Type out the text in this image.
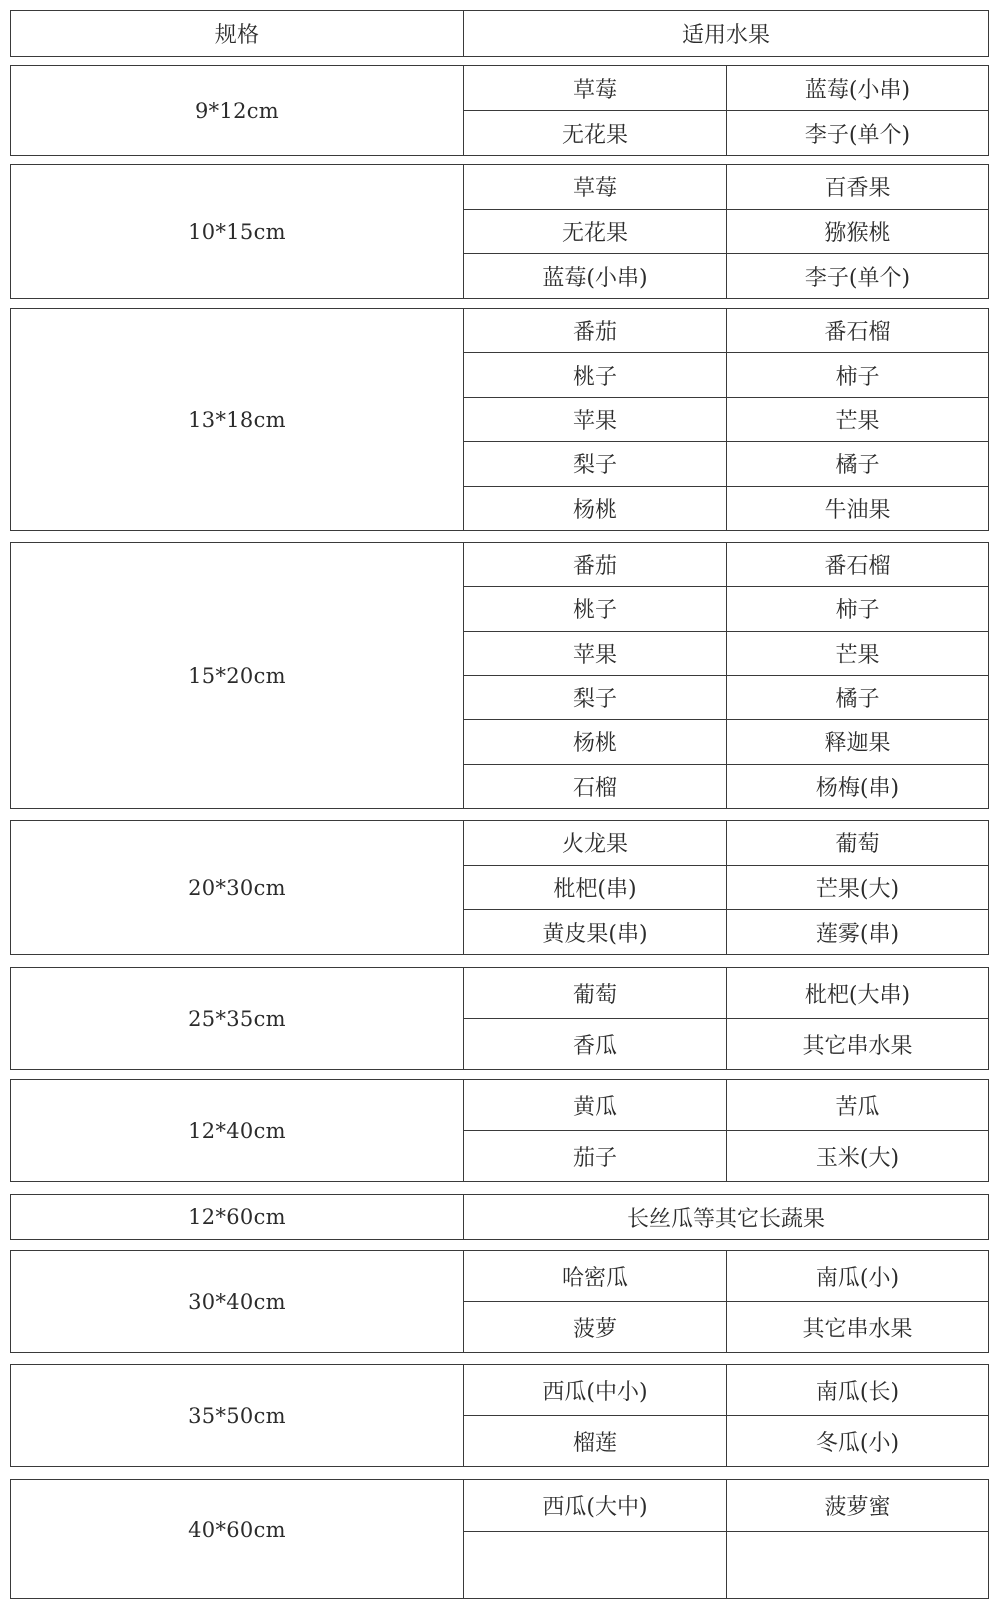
规格	适用水果
9*12cm
草莓	蓝莓(小串)
无花果	李子(单个)
10*15cm
草莓	百香果
无花果	猕猴桃
蓝莓(小串)	李子(单个)
13*18cm
番茄	番石榴
桃子	柿子
苹果	芒果
梨子	橘子
杨桃	牛油果
15*20cm
番茄	番石榴
桃子	柿子
苹果	芒果
梨子	橘子
杨桃	释迦果
石榴	杨梅(串)
20*30cm
火龙果	葡萄
枇杷(串)	芒果(大)
黄皮果(串)	莲雾(串)
25*35cm
葡萄	枇杷(大串)
香瓜	其它串水果
12*40cm
黄瓜	苦瓜
茄子	玉米(大)
12*60cm	长丝瓜等其它长蔬果
30*40cm
哈密瓜	南瓜(小)
菠萝	其它串水果
35*50cm
西瓜(中小)	南瓜(长)
榴莲	冬瓜(小)
40*60cm
西瓜(大中)	菠萝蜜
